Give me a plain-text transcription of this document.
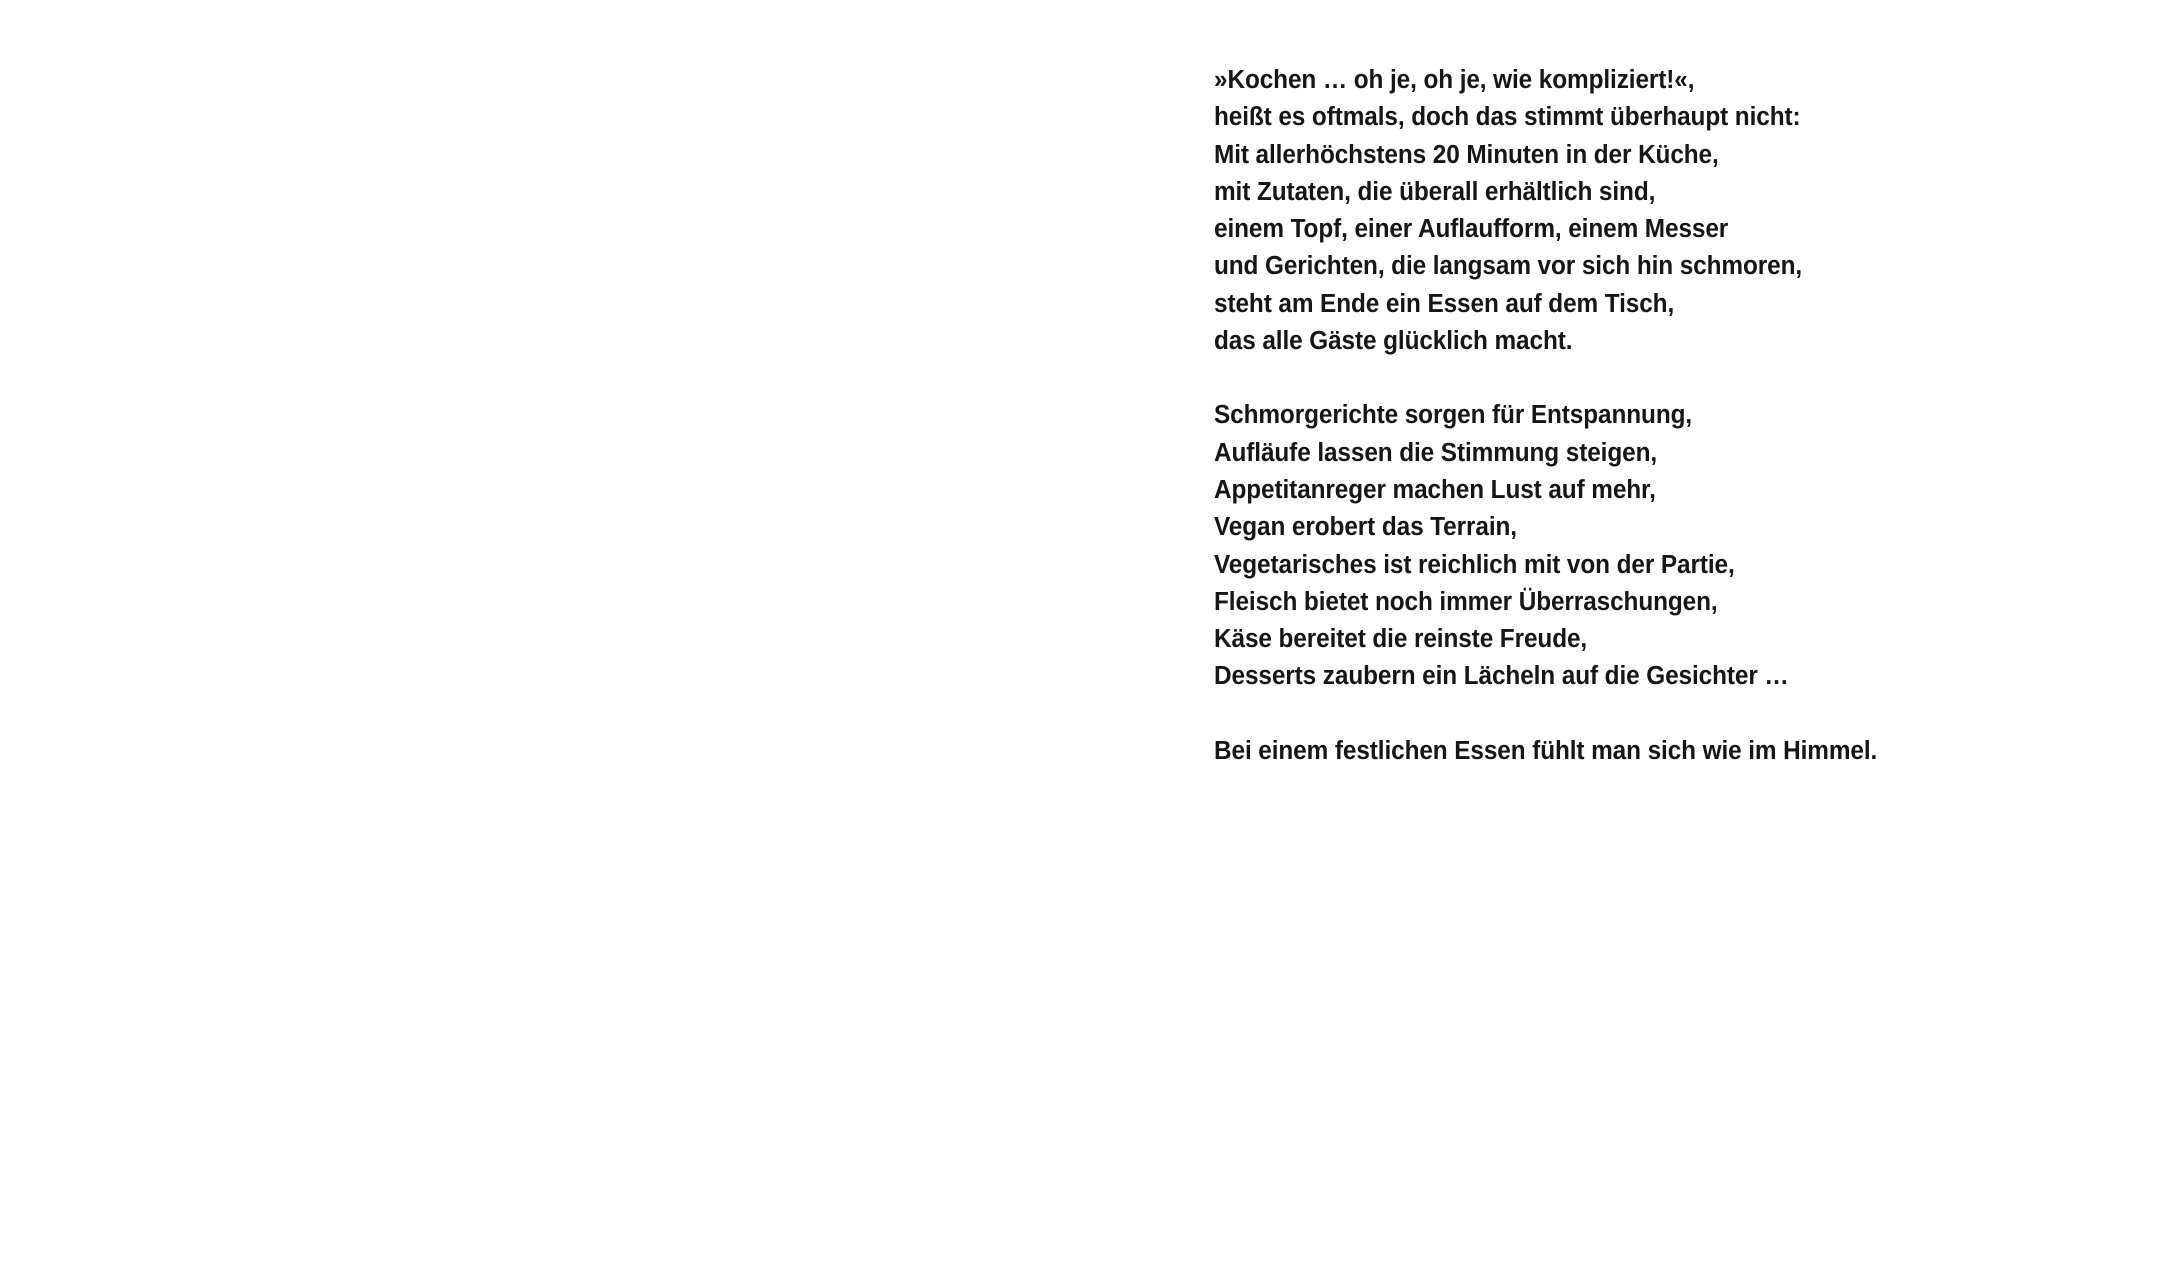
»Kochen … oh je, oh je, wie kompliziert!«,
heißt es oftmals, doch das stimmt überhaupt nicht:
Mit allerhöchstens 20 Minuten in der Küche,
mit Zutaten, die überall erhältlich sind,
einem Topf, einer Auflaufform, einem Messer
und Gerichten, die langsam vor sich hin schmoren,
steht am Ende ein Essen auf dem Tisch,
das alle Gäste glücklich macht.
Schmorgerichte sorgen für Entspannung,
Aufläufe lassen die Stimmung steigen,
Appetitanreger machen Lust auf mehr,
Vegan erobert das Terrain,
Vegetarisches ist reichlich mit von der Partie,
Fleisch bietet noch immer Überraschungen,
Käse bereitet die reinste Freude,
Desserts zaubern ein Lächeln auf die Gesichter …
Bei einem festlichen Essen fühlt man sich wie im Himmel.
